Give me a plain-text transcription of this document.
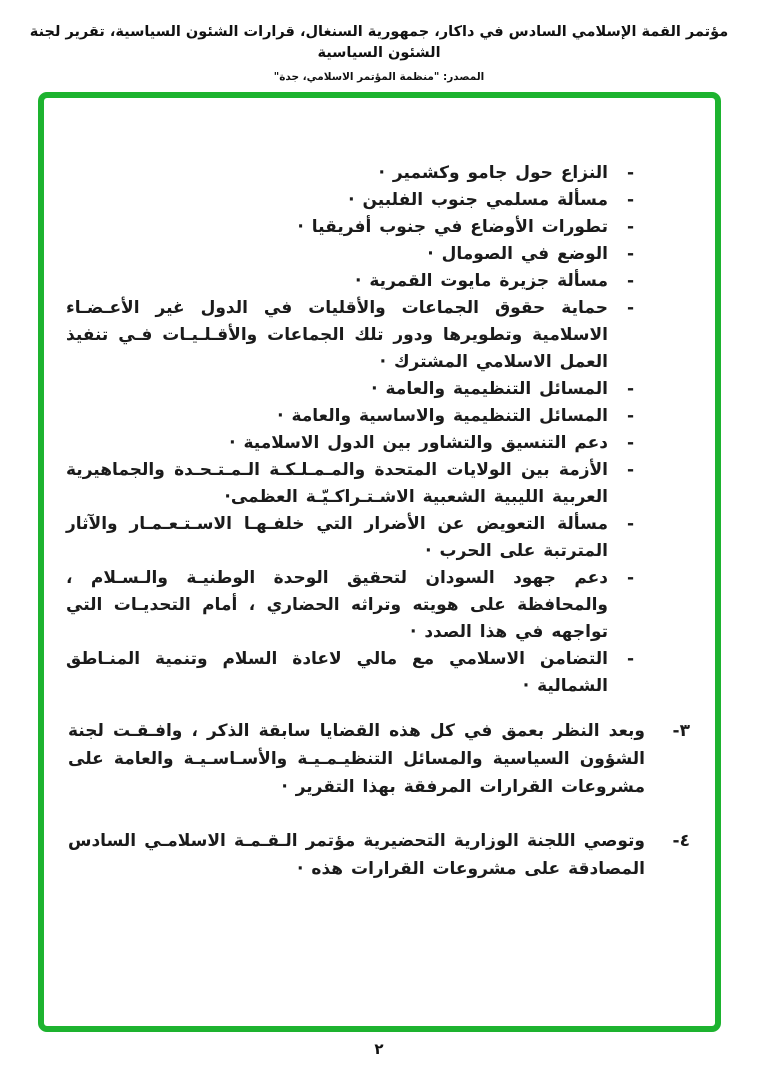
مؤتمر القمة الإسلامي السادس في داكار، جمهورية السنغال، قرارات الشئون السياسية، تقرير لجنة الشئون السياسية
المصدر: "منظمة المؤتمر الاسلامي، جدة"
-
النزاع حول جامو وكشمير ·
-
مسألة مسلمي جنوب الفلبين ·
-
تطورات الأوضاع في جنوب أفريقيا ·
-
الوضع في الصومال ·
-
مسألة جزيرة مايوت القمرية ·
-
حماية حقوق الجماعات والأقليات في الدول غير الأعـضـاء الاسلامية وتطويرها ودور تلك الجماعات والأقـلـيـات فـي تنفيذ العمل الاسلامي المشترك ·
-
المسائل التنظيمية والعامة ·
-
المسائل التنظيمية والاساسية والعامة ·
-
دعم التنسيق والتشاور بين الدول الاسلامية ·
-
الأزمة بين الولايات المتحدة والمـمـلـكـة الـمـتـحـدة والجماهيرية العربية الليبية الشعبية الاشـتـراكـيّـة العظمى·
-
مسألة التعويض عن الأضرار التي خلفـهـا الاسـتـعـمـار والآثار المترتبة على الحرب ·
-
دعم جهود السودان لتحقيق الوحدة الوطنيـة والـسـلام ، والمحافظة على هويته وتراثه الحضاري ، أمام التحديـات التي تواجهه في هذا الصدد ·
-
التضامن الاسلامي مع مالي لاعادة السلام وتنمية المنـاطق الشمالية ·
٣-
وبعد النظر بعمق في كل هذه القضايا سابقة الذكر ، وافـقـت لجنة الشؤون السياسية والمسائل التنظيـمـيـة والأسـاسـيـة والعامة على مشروعات القرارات المرفقة بهذا التقرير ·
٤-
وتوصي اللجنة الوزارية التحضيرية مؤتمر الـقـمـة الاسلامـي السادس المصادقة على مشروعات القرارات هذه ·
٢
